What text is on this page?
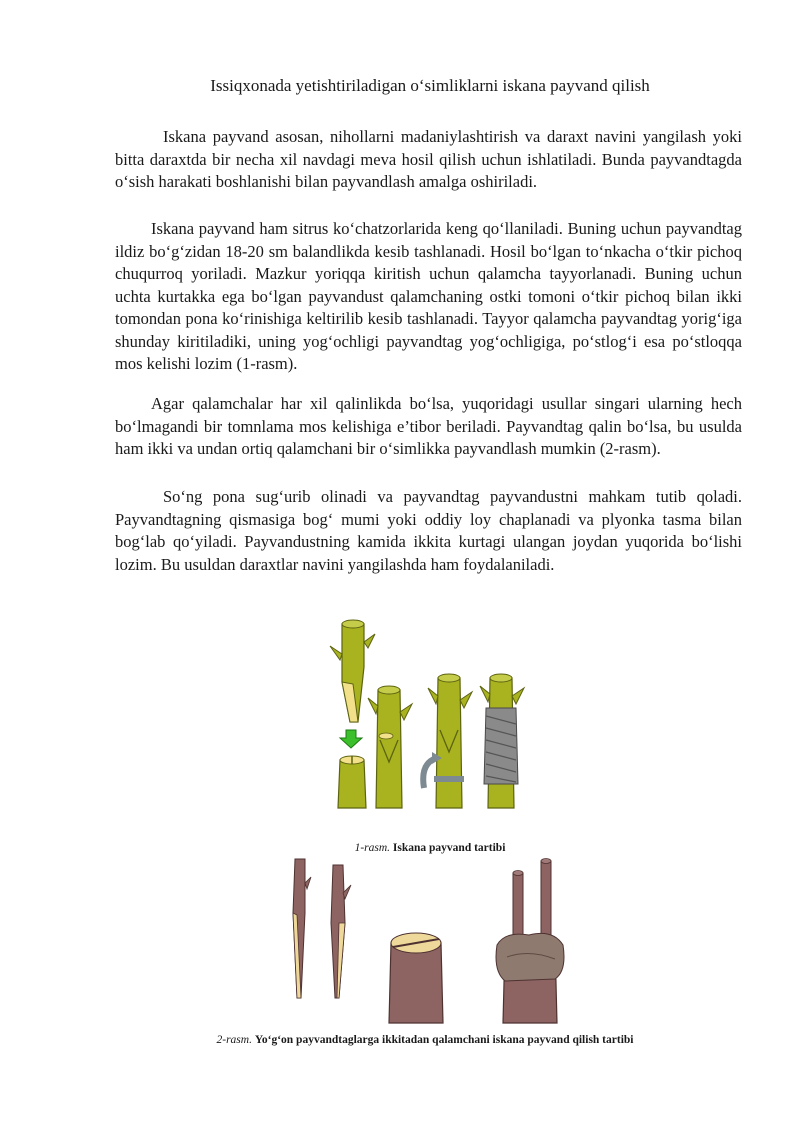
Issiqxonada yetishtiriladigan o‘simliklarni iskana payvand qilish

Iskana payvand asosan, nihollarni madaniylashtirish va daraxt navini yangilash yoki bitta daraxtda bir necha xil navdagi meva hosil qilish uchun ishlatiladi. Bunda payvandtagda o‘sish harakati boshlanishi bilan payvandlash amalga oshiriladi.

Iskana payvand ham sitrus ko‘chatzorlarida keng qo‘llaniladi. Buning uchun payvandtag ildiz bo‘g‘zidan 18-20 sm balandlikda kesib tashlanadi. Hosil bo‘lgan to‘nkacha o‘tkir pichoq chuqurroq yoriladi. Mazkur yoriqqa kiritish uchun qalamcha tayyorlanadi. Buning uchun uchta kurtakka ega bo‘lgan payvandust qalamchaning ostki tomoni o‘tkir pichoq bilan ikki tomondan pona ko‘rinishiga keltirilib kesib tashlanadi. Tayyor qalamcha payvandtag yorig‘iga shunday kiritiladiki, uning yog‘ochligi payvandtag yog‘ochligiga, po‘stlog‘i esa po‘stloqqa mos kelishi lozim (1-rasm).

Agar qalamchalar har xil qalinlikda bo‘lsa, yuqoridagi usullar singari ularning hech bo‘lmagandi bir tomnlama mos kelishiga e’tibor beriladi. Payvandtag qalin bo‘lsa, bu usulda ham ikki va undan ortiq qalamchani bir o‘simlikka payvandlash mumkin (2-rasm).

So‘ng pona sug‘urib olinadi va payvandtag payvandustni mahkam tutib qoladi. Payvandtagning qismasiga bog‘ mumi yoki oddiy loy chaplanadi va plyonka tasma bilan bog‘lab qo‘yiladi. Payvandustning kamida ikkita kurtagi ulangan joydan yuqorida bo‘lishi lozim. Bu usuldan daraxtlar navini yangilashda ham foydalaniladi.

1-rasm. Iskana payvand tartibi
2-rasm. Yo‘g‘on payvandtaglarga ikkitadan qalamchani iskana payvand qilish tartibi
